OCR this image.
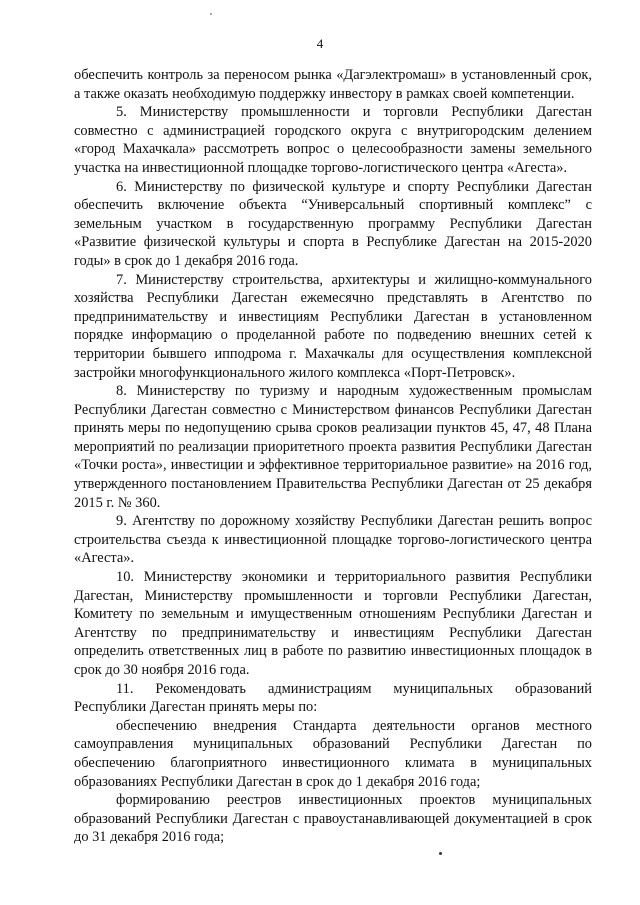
4

обеспечить контроль за переносом рынка «Дагэлектромаш» в установленный срок, а также оказать необходимую поддержку инвестору в рамках своей компетенции.

5. Министерству промышленности и торговли Республики Дагестан совместно с администрацией городского округа с внутригородским делением «город Махачкала» рассмотреть вопрос о целесообразности замены земельного участка на инвестиционной площадке торгово-логистического центра «Агеста».

6. Министерству по физической культуре и спорту Республики Дагестан обеспечить включение объекта “Универсальный спортивный комплекс” с земельным участком в государственную программу Республики Дагестан «Развитие физической культуры и спорта в Республике Дагестан на 2015-2020 годы» в срок до 1 декабря 2016 года.

7. Министерству строительства, архитектуры и жилищно-коммунального хозяйства Республики Дагестан ежемесячно представлять в Агентство по предпринимательству и инвестициям Республики Дагестан в установленном порядке информацию о проделанной работе по подведению внешних сетей к территории бывшего ипподрома г. Махачкалы для осуществления комплексной застройки многофункционального жилого комплекса «Порт-Петровск».

8. Министерству по туризму и народным художественным промыслам Республики Дагестан совместно с Министерством финансов Республики Дагестан принять меры по недопущению срыва сроков реализации пунктов 45, 47, 48 Плана мероприятий по реализации приоритетного проекта развития Республики Дагестан «Точки роста», инвестиции и эффективное территориальное развитие» на 2016 год, утвержденного постановлением Правительства Республики Дагестан от 25 декабря 2015 г. № 360.

9. Агентству по дорожному хозяйству Республики Дагестан решить вопрос строительства съезда к инвестиционной площадке торгово-логистического центра «Агеста».

10. Министерству экономики и территориального развития Республики Дагестан, Министерству промышленности и торговли Республики Дагестан, Комитету по земельным и имущественным отношениям Республики Дагестан и Агентству по предпринимательству и инвестициям Республики Дагестан определить ответственных лиц в работе по развитию инвестиционных площадок в срок до 30 ноября 2016 года.

11. Рекомендовать администрациям муниципальных образований Республики Дагестан принять меры по:

обеспечению внедрения Стандарта деятельности органов местного самоуправления муниципальных образований Республики Дагестан по обеспечению благоприятного инвестиционного климата в муниципальных образованиях Республики Дагестан в срок до 1 декабря 2016 года;

формированию реестров инвестиционных проектов муниципальных образований Республики Дагестан с правоустанавливающей документацией в срок до 31 декабря 2016 года;
